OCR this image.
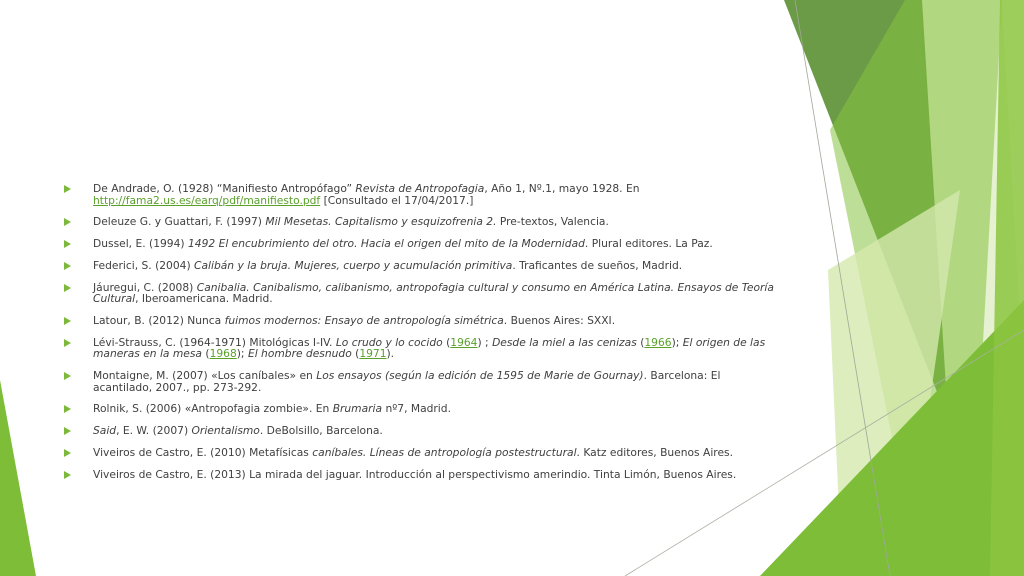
De Andrade, O. (1928) “Manifiesto Antropófago” Revista de Antropofagia, Año 1, Nº.1, mayo 1928. En http://fama2.us.es/earq/pdf/manifiesto.pdf [Consultado el 17/04/2017.]
Deleuze G. y Guattari, F. (1997) Mil Mesetas. Capitalismo y esquizofrenia 2. Pre-textos, Valencia.
Dussel, E. (1994) 1492 El encubrimiento del otro. Hacia el origen del mito de la Modernidad. Plural editores. La Paz.
Federici, S. (2004) Calibán y la bruja. Mujeres, cuerpo y acumulación primitiva. Traficantes de sueños, Madrid.
Jáuregui, C. (2008) Canibalia. Canibalismo, calibanismo, antropofagia cultural y consumo en América Latina. Ensayos de Teoría Cultural, Iberoamericana. Madrid.
Latour, B. (2012) Nunca fuimos modernos: Ensayo de antropología simétrica. Buenos Aires: SXXI.
Lévi-Strauss, C. (1964-1971) Mitológicas I-IV. Lo crudo y lo cocido (1964) ; Desde la miel a las cenizas (1966); El origen de las maneras en la mesa (1968); El hombre desnudo (1971).
Montaigne, M. (2007) «Los caníbales» en Los ensayos (según la edición de 1595 de Marie de Gournay). Barcelona: El acantilado, 2007., pp. 273-292.
Rolnik, S. (2006) «Antropofagia zombie». En Brumaria nº7, Madrid.
Said, E. W. (2007) Orientalismo. DeBolsillo, Barcelona.
Viveiros de Castro, E. (2010) Metafísicas caníbales. Líneas de antropología postestructural. Katz editores, Buenos Aires.
Viveiros de Castro, E. (2013) La mirada del jaguar. Introducción al perspectivismo amerindio. Tinta Limón, Buenos Aires.
